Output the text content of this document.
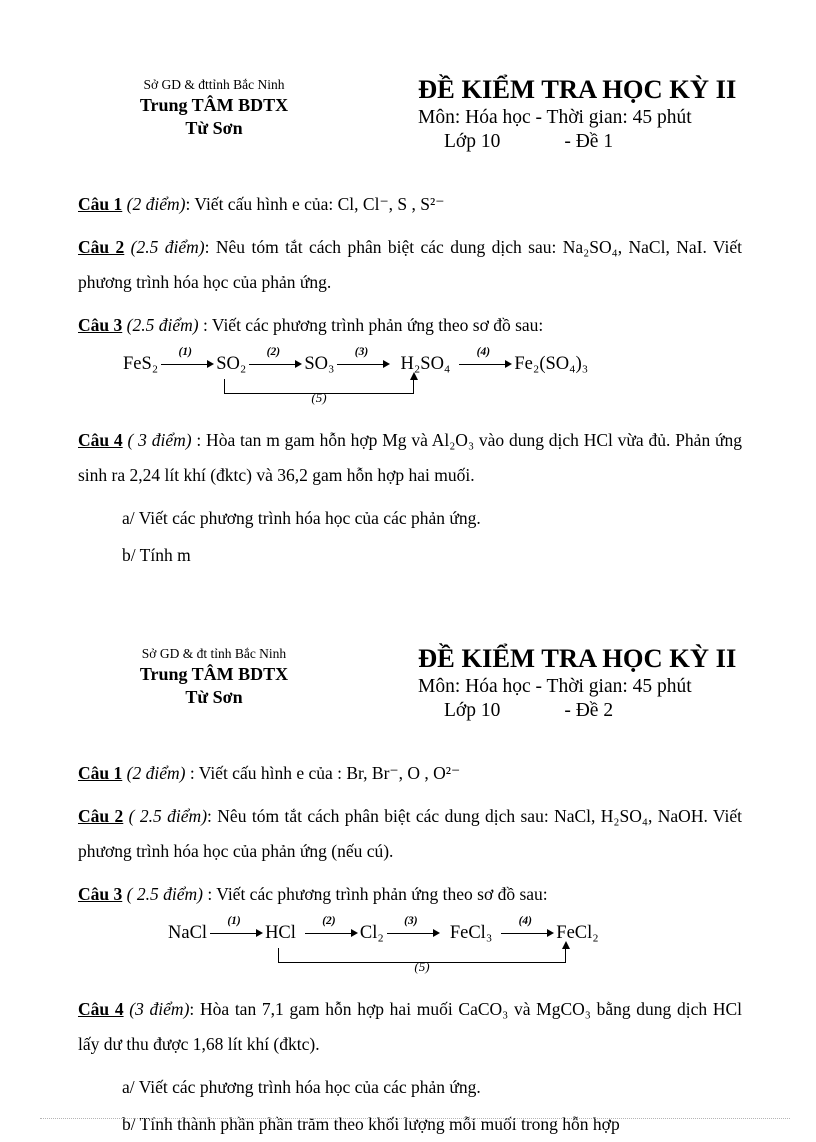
Sở GD & đttỉnh Bắc Ninh
Trung TÂM BDTX
Từ Sơn
ĐỀ KIỂM TRA HỌC KỲ II
Môn: Hóa học - Thời gian: 45 phút
Lớp 10	- Đề 1

Câu 1 (2 điểm): Viết cấu hình e của: Cl, Cl⁻, S , S²⁻

Câu 2 (2.5 điểm): Nêu tóm tắt cách phân biệt các dung dịch sau: Na₂SO₄, NaCl, NaI. Viết phương trình hóa học của phản ứng.

Câu 3 (2.5 điểm) : Viết các phương trình phản ứng theo sơ đồ sau:

FeS₂
(1)
SO₂
(2)
SO₃
(3)
H₂SO₄
(4)
Fe₂(SO₄)₃
(5)

Câu 4 ( 3 điểm) : Hòa tan m gam hỗn hợp Mg và Al₂O₃ vào dung dịch HCl vừa đủ. Phản ứng sinh ra 2,24 lít khí (đktc) và 36,2 gam hỗn hợp hai muối.

a/ Viết các phương trình hóa học của các phản ứng.

b/ Tính m

Sở GD & đt tỉnh Bắc Ninh
Trung TÂM BDTX
Từ Sơn
ĐỀ KIỂM TRA HỌC KỲ II
Môn: Hóa học - Thời gian: 45 phút
Lớp 10	- Đề 2

Câu 1 (2 điểm) : Viết cấu hình e của : Br, Br⁻, O , O²⁻

Câu 2 ( 2.5 điểm): Nêu tóm tắt cách phân biệt các dung dịch sau: NaCl, H₂SO₄, NaOH. Viết phương trình hóa học của phản ứng (nếu cú).

Câu 3 ( 2.5 điểm) : Viết các phương trình phản ứng theo sơ đồ sau:

NaCl
(1)
HCl
(2)
Cl₂
(3)
FeCl₃
(4)
FeCl₂
(5)

Câu 4 (3 điểm): Hòa tan 7,1 gam hỗn hợp hai muối CaCO₃ và MgCO₃ bằng dung dịch HCl lấy dư thu được 1,68 lít khí (đktc).

a/ Viết các phương trình hóa học của các phản ứng.

b/ Tính thành phần phần trăm theo khối lượng mỗi muối trong hỗn hợp
